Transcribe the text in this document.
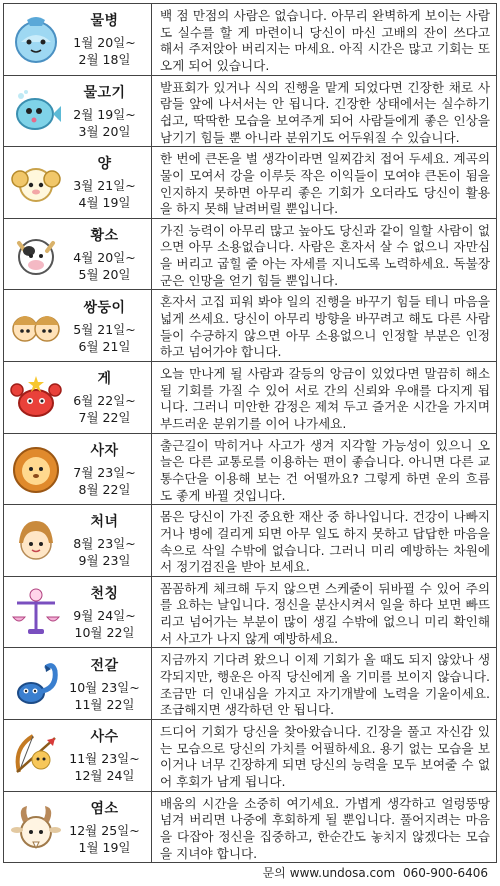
물병
1월 20일~
2월 18일
백 점 만점의 사람은 없습니다. 아무리 완벽하게 보이는 사람도 실수를 할 게 마련이니 당신이 마신 고배의 잔이 쓰다고 해서 주저앉아 버리지는 마세요. 아직 시간은 많고 기회는 또 오게 되어 있습니다.
물고기
2월 19일~
3월 20일
발표회가 있거나 식의 진행을 맡게 되었다면 긴장한 채로 사람들 앞에 나서서는 안 됩니다. 긴장한 상태에서는 실수하기 쉽고, 딱딱한 모습을 보여주게 되어 사람들에게 좋은 인상을 남기기 힘들 뿐 아니라 분위기도 어두워질 수 있습니다.
양
3월 21일~
4월 19일
한 번에 큰돈을 벌 생각이라면 일찌감치 접어 두세요. 계곡의 물이 모여서 강을 이루듯 작은 이익들이 모여야 큰돈이 됨을 인지하지 못하면 아무리 좋은 기회가 오더라도 당신이 활용을 하지 못해 날려버릴 뿐입니다.
황소
4월 20일~
5월 20일
가진 능력이 아무리 많고 높아도 당신과 같이 일할 사람이 없으면 아무 소용없습니다. 사람은 혼자서 살 수 없으니 자만심을 버리고 굽힐 줄 아는 자세를 지니도록 노력하세요. 독불장군은 인망을 얻기 힘들 뿐입니다.
쌍둥이
5월 21일~
6월 21일
혼자서 고집 피워 봐야 일의 진행을 바꾸기 힘들 테니 마음을 넓게 쓰세요. 당신이 아무리 방향을 바꾸려고 해도 다른 사람들이 수긍하지 않으면 아무 소용없으니 인정할 부분은 인정하고 넘어가야 합니다.
게
6월 22일~
7월 22일
오늘 만나게 될 사람과 갈등의 앙금이 있었다면 말끔히 해소될 기회를 가질 수 있어 서로 간의 신뢰와 우애를 다지게 됩니다. 그러니 미안한 감정은 제쳐 두고 즐거운 시간을 가지며 부드러운 분위기를 이어 나가세요.
사자
7월 23일~
8월 22일
출근길이 막히거나 사고가 생겨 지각할 가능성이 있으니 오늘은 다른 교통로를 이용하는 편이 좋습니다. 아니면 다른 교통수단을 이용해 보는 건 어떨까요? 그렇게 하면 운의 흐름도 좋게 바뀔 것입니다.
처녀
8월 23일~
9월 23일
몸은 당신이 가진 중요한 재산 중 하나입니다. 건강이 나빠지거나 병에 걸리게 되면 아무 일도 하지 못하고 답답한 마음을 속으로 삭일 수밖에 없습니다. 그러니 미리 예방하는 차원에서 정기검진을 받아 보세요.
천칭
9월 24일~
10월 22일
꼼꼼하게 체크해 두지 않으면 스케줄이 뒤바뀔 수 있어 주의를 요하는 날입니다. 정신을 분산시켜서 일을 하다 보면 빠뜨리고 넘어가는 부분이 많이 생길 수밖에 없으니 미리 확인해서 사고가 나지 않게 예방하세요.
전갈
10월 23일~
11월 22일
지금까지 기다려 왔으니 이제 기회가 올 때도 되지 않았나 생각되지만, 행운은 아직 당신에게 올 기미를 보이지 않습니다. 조금만 더 인내심을 가지고 자기개발에 노력을 기울이세요. 조급해지면 생각하던 안 됩니다.
사수
11월 23일~
12월 24일
드디어 기회가 당신을 찾아왔습니다. 긴장을 풀고 자신감 있는 모습으로 당신의 가치를 어필하세요. 용기 없는 모습을 보이거나 너무 긴장하게 되면 당신의 능력을 모두 보여줄 수 없어 후회가 남게 됩니다.
염소
12월 25일~
1월 19일
배움의 시간을 소중히 여기세요. 가볍게 생각하고 얼렁뚱땅 넘겨 버리면 나중에 후회하게 될 뿐입니다. 풀어지려는 마음을 다잡아 정신을 집중하고, 한순간도 놓치지 않겠다는 모습을 지녀야 합니다.
문의 www.undosa.com 060-900-6406
